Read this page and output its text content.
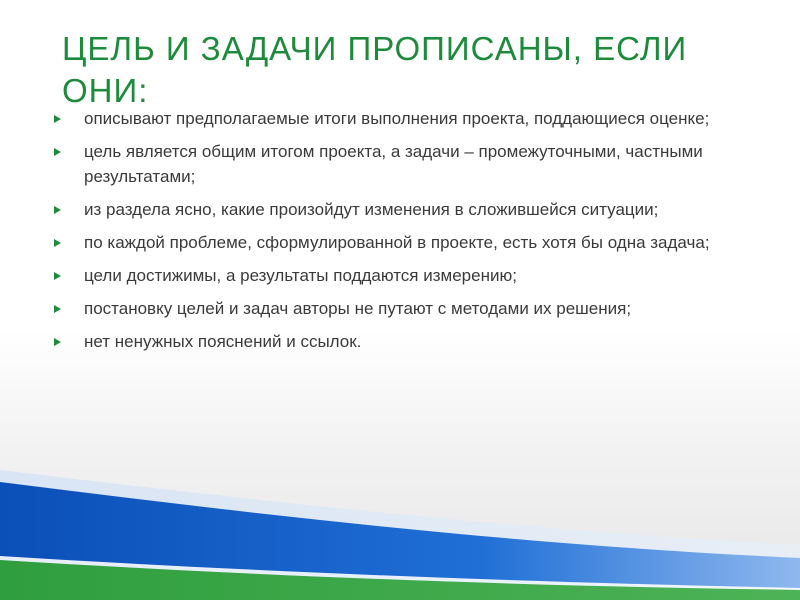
ЦЕЛЬ И ЗАДАЧИ ПРОПИСАНЫ, ЕСЛИ ОНИ:
описывают предполагаемые итоги выполнения проекта, поддающиеся оценке;
цель является общим итогом проекта, а задачи – промежуточными, частными результатами;
из раздела ясно, какие произойдут изменения в сложившейся ситуации;
по каждой проблеме, сформулированной в проекте, есть хотя бы одна задача;
цели достижимы, а результаты поддаются измерению;
постановку целей и задач авторы не путают с методами их решения;
нет ненужных пояснений и ссылок.
